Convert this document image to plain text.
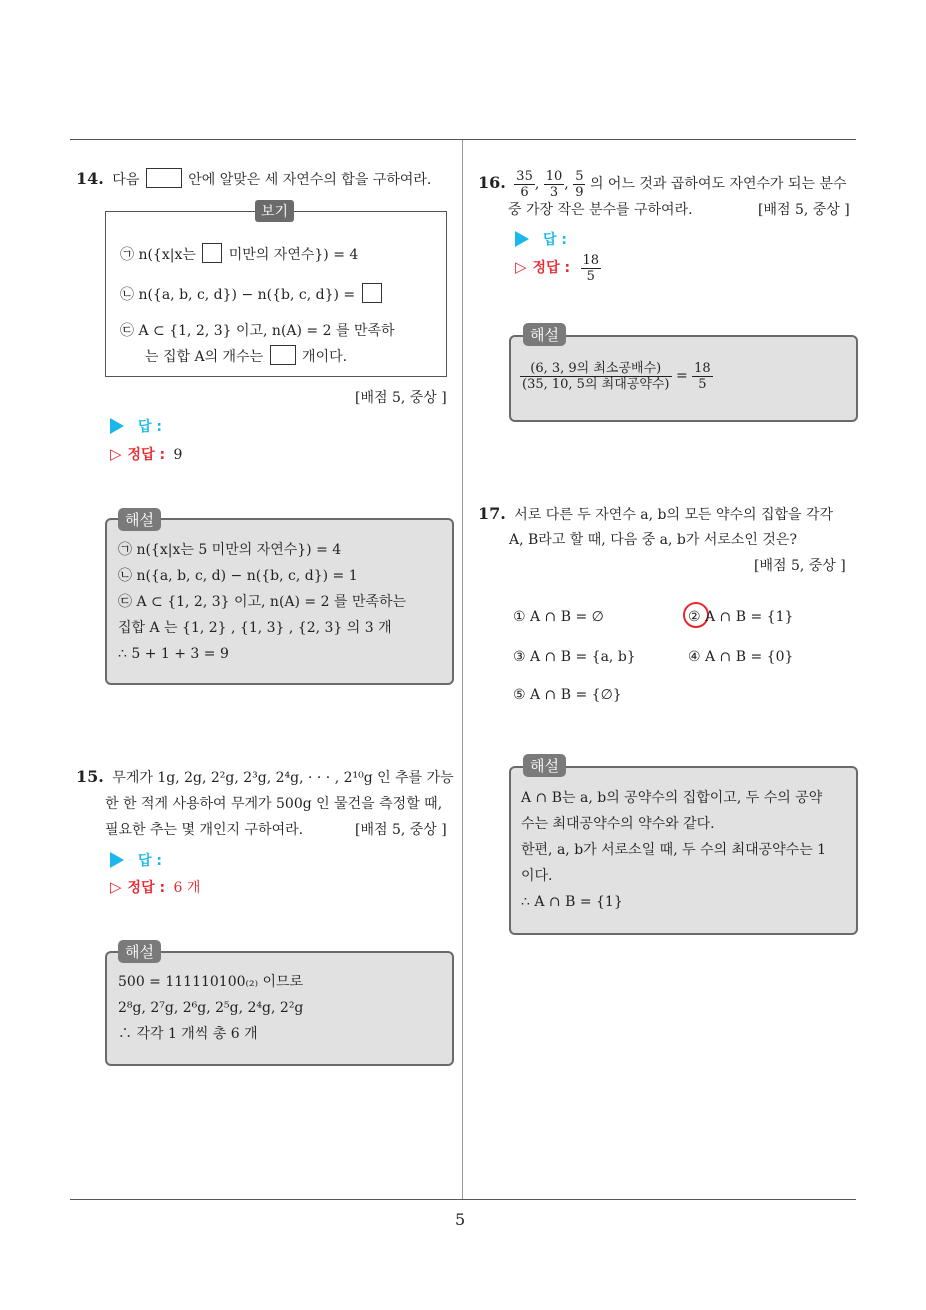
5
14. 다음	안에 알맞은 세 자연수의 합을 구하여라.
보기
㉠ n({x|x는 미만의 자연수}) = 4
㉡ n({a, b, c, d}) − n({b, c, d}) =
㉢ A ⊂ {1, 2, 3} 이고, n(A) = 2 를 만족하
는 집합 A의 개수는	개이다.
[배점 5, 중상 ]
답 :
▷ 정답 : 9
해설
㉠ n({x|x는 5 미만의 자연수}) = 4
㉡ n({a, b, c, d) − n({b, c, d}) = 1
㉢ A ⊂ {1, 2, 3} 이고, n(A) = 2 를 만족하는
집합 A 는 {1, 2} , {1, 3} , {2, 3} 의 3 개
∴ 5 + 1 + 3 = 9
15. 무게가 1g, 2g, 2²g, 2³g, 2⁴g, · · · , 2¹⁰g 인 추를 가능
한 한 적게 사용하여 무게가 500g 인 물건을 측정할 때,
필요한 추는 몇 개인지 구하여라.	[배점 5, 중상 ]
답 :
▷ 정답 : 6 개
해설
500 = 111110100₍₂₎ 이므로
2⁸g, 2⁷g, 2⁶g, 2⁵g, 2⁴g, 2²g
∴ 각각 1 개씩 총 6 개
16. $\frac{35}{6}$ , $\frac{10}{3}$ , $\frac{5}{9}$ 의 어느 것과 곱하여도 자연수가 되는 분수
중 가장 작은 분수를 구하여라.	[배점 5, 중상 ]
답 :
▷ 정답 : $\frac{18}{5}$
해설
$\frac{\text{(6, 3, 9의 최소공배수)}}{\text{(35, 10, 5의 최대공약수)}} = \frac{18}{5}$
17. 서로 다른 두 자연수 a, b의 모든 약수의 집합을 각각
A, B라고 할 때, 다음 중 a, b가 서로소인 것은?
[배점 5, 중상 ]
① A ∩ B = ∅	② A ∩ B = {1}
③ A ∩ B = {a, b}	④ A ∩ B = {0}
⑤ A ∩ B = {∅}
해설
A ∩ B는 a, b의 공약수의 집합이고, 두 수의 공약
수는 최대공약수의 약수와 같다.
한편, a, b가 서로소일 때, 두 수의 최대공약수는 1
이다.
∴ A ∩ B = {1}
